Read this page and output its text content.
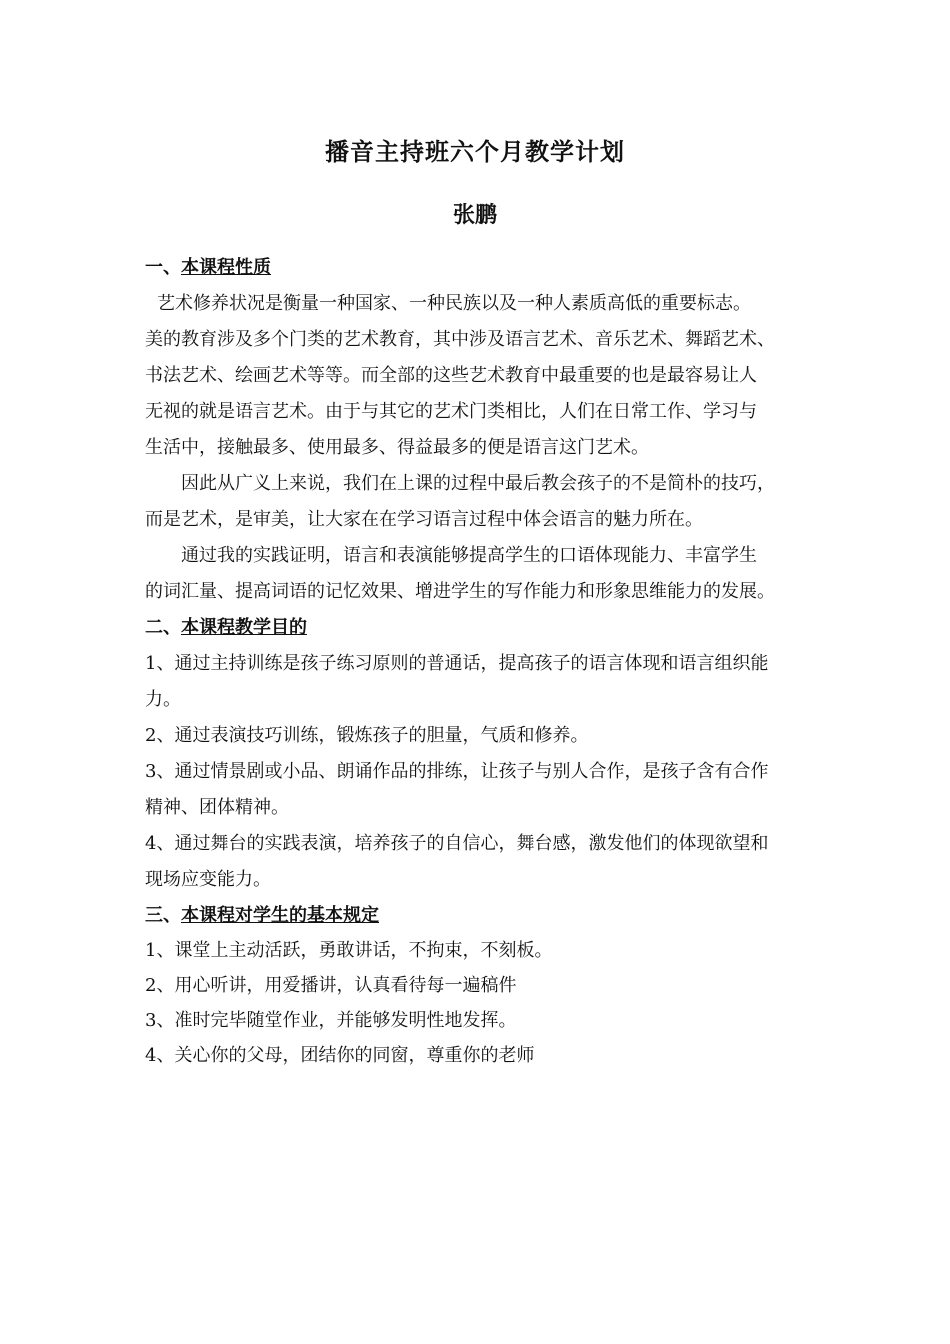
播音主持班六个月教学计划
张鹏
一、本课程性质
艺术修养状况是衡量一种国家、一种民族以及一种人素质高低的重要标志。
美的教育涉及多个门类的艺术教育，其中涉及语言艺术、音乐艺术、舞蹈艺术、
书法艺术、绘画艺术等等。而全部的这些艺术教育中最重要的也是最容易让人
无视的就是语言艺术。由于与其它的艺术门类相比，人们在日常工作、学习与
生活中，接触最多、使用最多、得益最多的便是语言这门艺术。
因此从广义上来说，我们在上课的过程中最后教会孩子的不是简朴的技巧，
而是艺术，是审美，让大家在在学习语言过程中体会语言的魅力所在。
通过我的实践证明，语言和表演能够提高学生的口语体现能力、丰富学生
的词汇量、提高词语的记忆效果、增进学生的写作能力和形象思维能力的发展。
二、本课程教学目的
1、通过主持训练是孩子练习原则的普通话，提高孩子的语言体现和语言组织能
力。
2、通过表演技巧训练，锻炼孩子的胆量，气质和修养。
3、通过情景剧或小品、朗诵作品的排练，让孩子与别人合作，是孩子含有合作
精神、团体精神。
4、通过舞台的实践表演，培养孩子的自信心，舞台感，激发他们的体现欲望和
现场应变能力。
三、本课程对学生的基本规定
1、课堂上主动活跃，勇敢讲话，不拘束，不刻板。
2、用心听讲，用爱播讲，认真看待每一遍稿件
3、准时完毕随堂作业，并能够发明性地发挥。
4、关心你的父母，团结你的同窗，尊重你的老师
